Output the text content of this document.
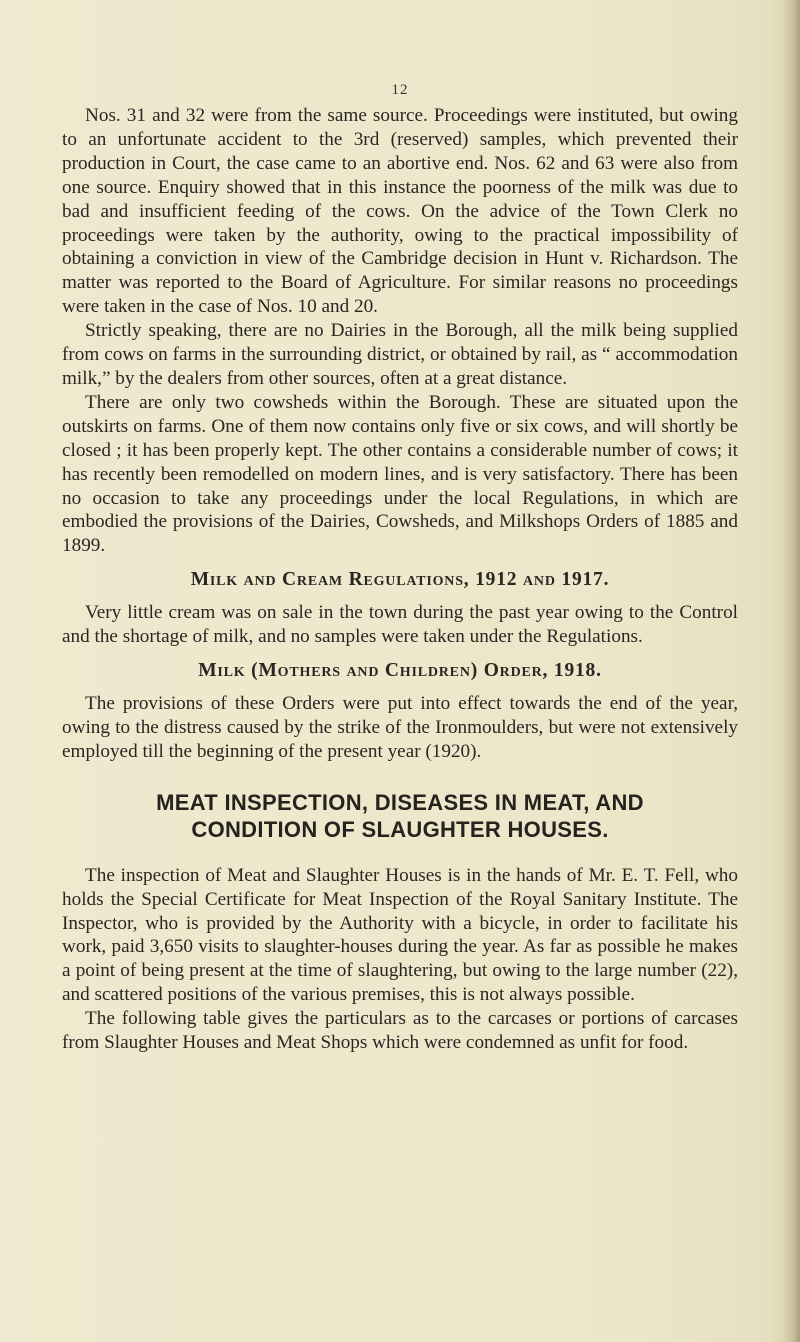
12

Nos. 31 and 32 were from the same source. Proceedings were instituted, but owing to an unfortunate accident to the 3rd (reserved) samples, which prevented their production in Court, the case came to an abortive end. Nos. 62 and 63 were also from one source. Enquiry showed that in this instance the poorness of the milk was due to bad and insufficient feeding of the cows. On the advice of the Town Clerk no proceedings were taken by the authority, owing to the practical impossibility of obtaining a conviction in view of the Cambridge decision in Hunt v. Richardson. The matter was reported to the Board of Agriculture. For similar reasons no proceedings were taken in the case of Nos. 10 and 20.

Strictly speaking, there are no Dairies in the Borough, all the milk being supplied from cows on farms in the surrounding district, or obtained by rail, as “ accommodation milk,” by the dealers from other sources, often at a great distance.

There are only two cowsheds within the Borough. These are situated upon the outskirts on farms. One of them now contains only five or six cows, and will shortly be closed ; it has been properly kept. The other contains a considerable number of cows; it has recently been remodelled on modern lines, and is very satisfactory. There has been no occasion to take any proceedings under the local Regulations, in which are embodied the provisions of the Dairies, Cowsheds, and Milkshops Orders of 1885 and 1899.

Milk and Cream Regulations, 1912 and 1917.

Very little cream was on sale in the town during the past year owing to the Control and the shortage of milk, and no samples were taken under the Regulations.

Milk (Mothers and Children) Order, 1918.

The provisions of these Orders were put into effect towards the end of the year, owing to the distress caused by the strike of the Ironmoulders, but were not extensively employed till the beginning of the present year (1920).

MEAT INSPECTION, DISEASES IN MEAT, AND
CONDITION OF SLAUGHTER HOUSES.

The inspection of Meat and Slaughter Houses is in the hands of Mr. E. T. Fell, who holds the Special Certificate for Meat Inspection of the Royal Sanitary Institute. The Inspector, who is provided by the Authority with a bicycle, in order to facilitate his work, paid 3,650 visits to slaughter-houses during the year. As far as possible he makes a point of being present at the time of slaughtering, but owing to the large number (22), and scattered positions of the various premises, this is not always possible.

The following table gives the particulars as to the carcases or portions of carcases from Slaughter Houses and Meat Shops which were condemned as unfit for food.
